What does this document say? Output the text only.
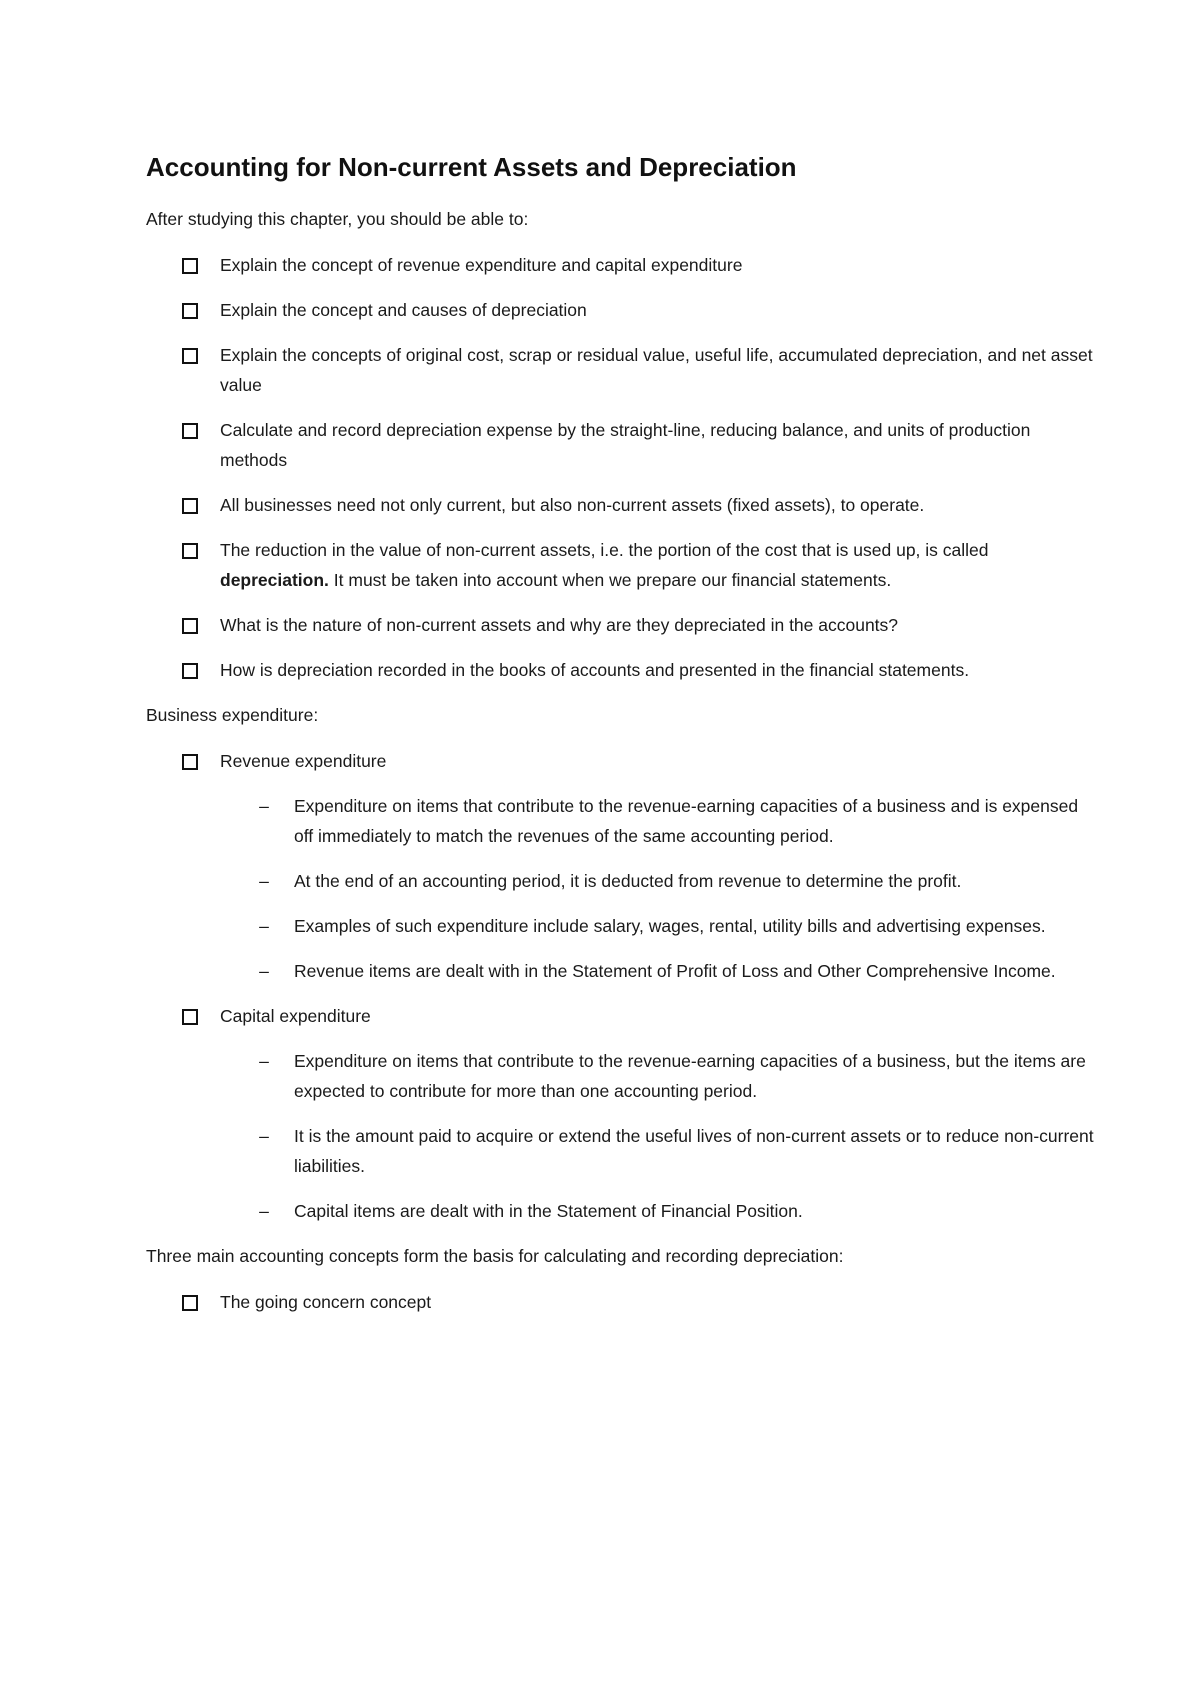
Accounting for Non-current Assets and Depreciation

After studying this chapter, you should be able to:

Explain the concept of revenue expenditure and capital expenditure
Explain the concept and causes of depreciation
Explain the concepts of original cost, scrap or residual value, useful life, accumulated depreciation, and net asset value
Calculate and record depreciation expense by the straight-line, reducing balance, and units of production methods
All businesses need not only current, but also non-current assets (fixed assets), to operate.
The reduction in the value of non-current assets, i.e. the portion of the cost that is used up, is called depreciation. It must be taken into account when we prepare our financial statements.
What is the nature of non-current assets and why are they depreciated in the accounts?
How is depreciation recorded in the books of accounts and presented in the financial statements.

Business expenditure:

Revenue expenditure
– Expenditure on items that contribute to the revenue-earning capacities of a business and is expensed off immediately to match the revenues of the same accounting period.
– At the end of an accounting period, it is deducted from revenue to determine the profit.
– Examples of such expenditure include salary, wages, rental, utility bills and advertising expenses.
– Revenue items are dealt with in the Statement of Profit of Loss and Other Comprehensive Income.
Capital expenditure
– Expenditure on items that contribute to the revenue-earning capacities of a business, but the items are expected to contribute for more than one accounting period.
– It is the amount paid to acquire or extend the useful lives of non-current assets or to reduce non-current liabilities.
– Capital items are dealt with in the Statement of Financial Position.

Three main accounting concepts form the basis for calculating and recording depreciation:

The going concern concept
